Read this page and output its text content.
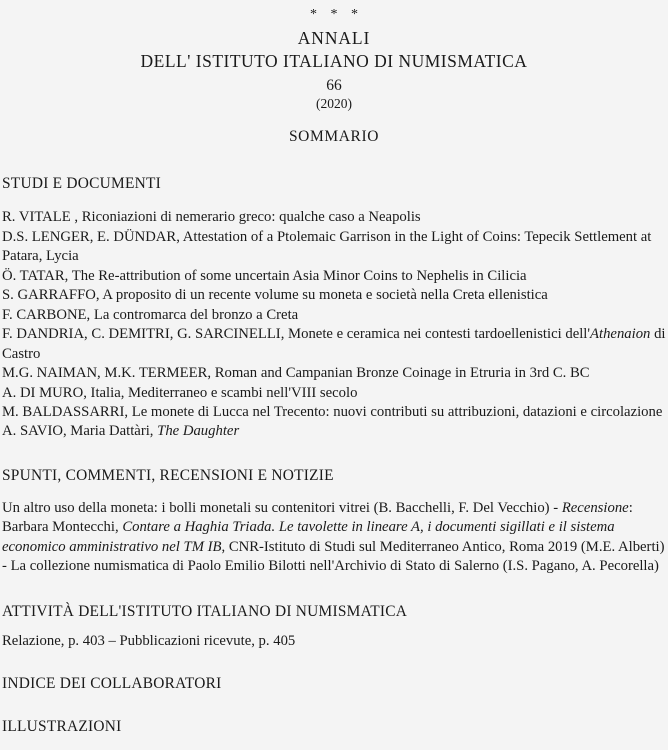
* * *
ANNALI
DELL' ISTITUTO ITALIANO DI NUMISMATICA
66
(2020)
SOMMARIO
STUDI E DOCUMENTI
R. VITALE , Riconiazioni di nemerario greco: qualche caso a Neapolis
D.S. LENGER, E. DÜNDAR, Attestation of a Ptolemaic Garrison in the Light of Coins: Tepecik Settlement at Patara, Lycia
Ö. TATAR, The Re-attribution of some uncertain Asia Minor Coins to Nephelis in Cilicia
S. GARRAFFO, A proposito di un recente volume su moneta e società nella Creta ellenistica
F. CARBONE, La contromarca del bronzo a Creta
F. DANDRIA, C. DEMITRI, G. SARCINELLI, Monete e ceramica nei contesti tardoellenistici dell'Athenaion di Castro
M.G. NAIMAN, M.K. TERMEER, Roman and Campanian Bronze Coinage in Etruria in 3rd C. BC
A. DI MURO, Italia, Mediterraneo e scambi nell'VIII secolo
M. BALDASSARRI, Le monete di Lucca nel Trecento: nuovi contributi su attribuzioni, datazioni e circolazione
A. SAVIO, Maria Dattàri, The Daughter
SPUNTI, COMMENTI, RECENSIONI E NOTIZIE

Un altro uso della moneta: i bolli monetali su contenitori vitrei (B. Bacchelli, F. Del Vecchio) - Recensione: Barbara Montecchi, Contare a Haghia Triada. Le tavolette in lineare A, i documenti sigillati e il sistema economico amministrativo nel TM IB, CNR-Istituto di Studi sul Mediterraneo Antico, Roma 2019 (M.E. Alberti) - La collezione numismatica di Paolo Emilio Bilotti nell'Archivio di Stato di Salerno (I.S. Pagano, A. Pecorella)

ATTIVITÀ DELL'ISTITUTO ITALIANO DI NUMISMATICA

Relazione, p. 403 – Pubblicazioni ricevute, p. 405

INDICE DEI COLLABORATORI
ILLUSTRAZIONI
